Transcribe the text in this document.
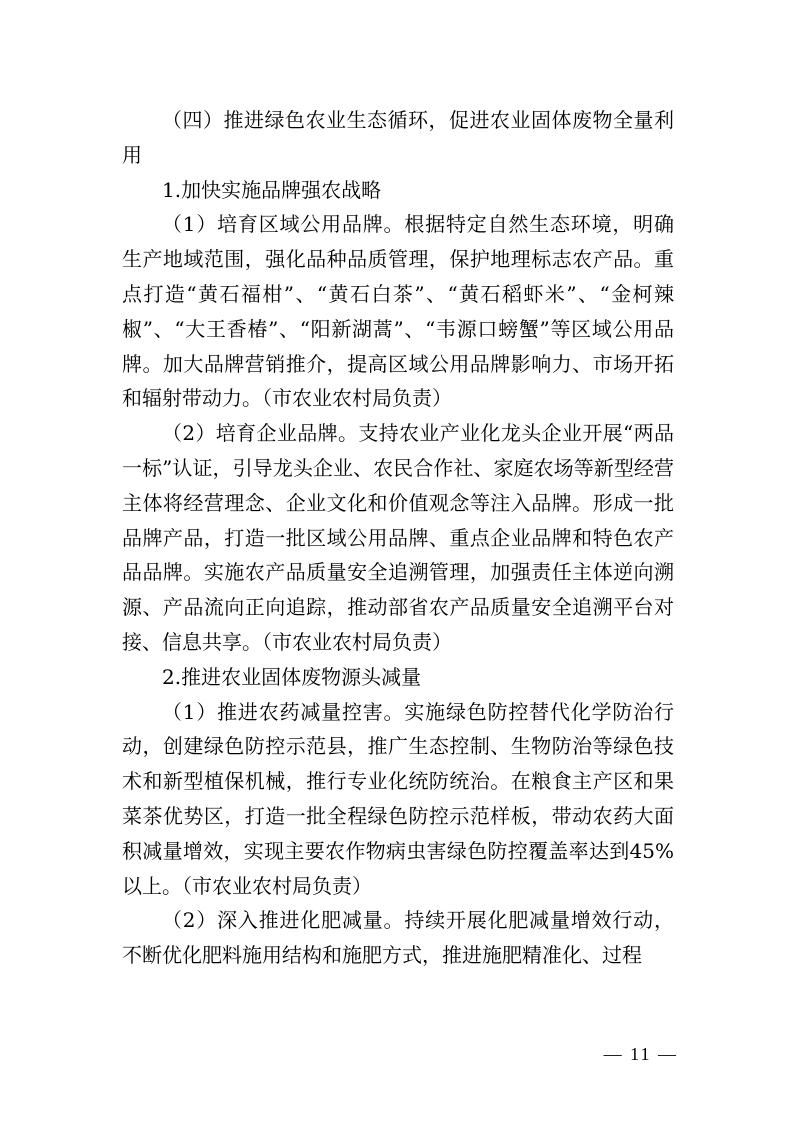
（四）推进绿色农业生态循环，促进农业固体废物全量利用

1.加快实施品牌强农战略

（1）培育区域公用品牌。根据特定自然生态环境，明确生产地域范围，强化品种品质管理，保护地理标志农产品。重点打造“黄石福柑”、“黄石白茶”、“黄石稻虾米”、“金柯辣椒”、“大王香椿”、“阳新湖蒿”、“韦源口螃蟹”等区域公用品牌。加大品牌营销推介，提高区域公用品牌影响力、市场开拓和辐射带动力。（市农业农村局负责）

（2）培育企业品牌。支持农业产业化龙头企业开展“两品一标”认证，引导龙头企业、农民合作社、家庭农场等新型经营主体将经营理念、企业文化和价值观念等注入品牌。形成一批品牌产品，打造一批区域公用品牌、重点企业品牌和特色农产品品牌。实施农产品质量安全追溯管理，加强责任主体逆向溯源、产品流向正向追踪，推动部省农产品质量安全追溯平台对接、信息共享。（市农业农村局负责）

2.推进农业固体废物源头减量

（1）推进农药减量控害。实施绿色防控替代化学防治行动，创建绿色防控示范县，推广生态控制、生物防治等绿色技术和新型植保机械，推行专业化统防统治。在粮食主产区和果菜茶优势区，打造一批全程绿色防控示范样板，带动农药大面积减量增效，实现主要农作物病虫害绿色防控覆盖率达到45%以上。（市农业农村局负责）

（2）深入推进化肥减量。持续开展化肥减量增效行动，不断优化肥料施用结构和施肥方式，推进施肥精准化、过程

— 11 —
